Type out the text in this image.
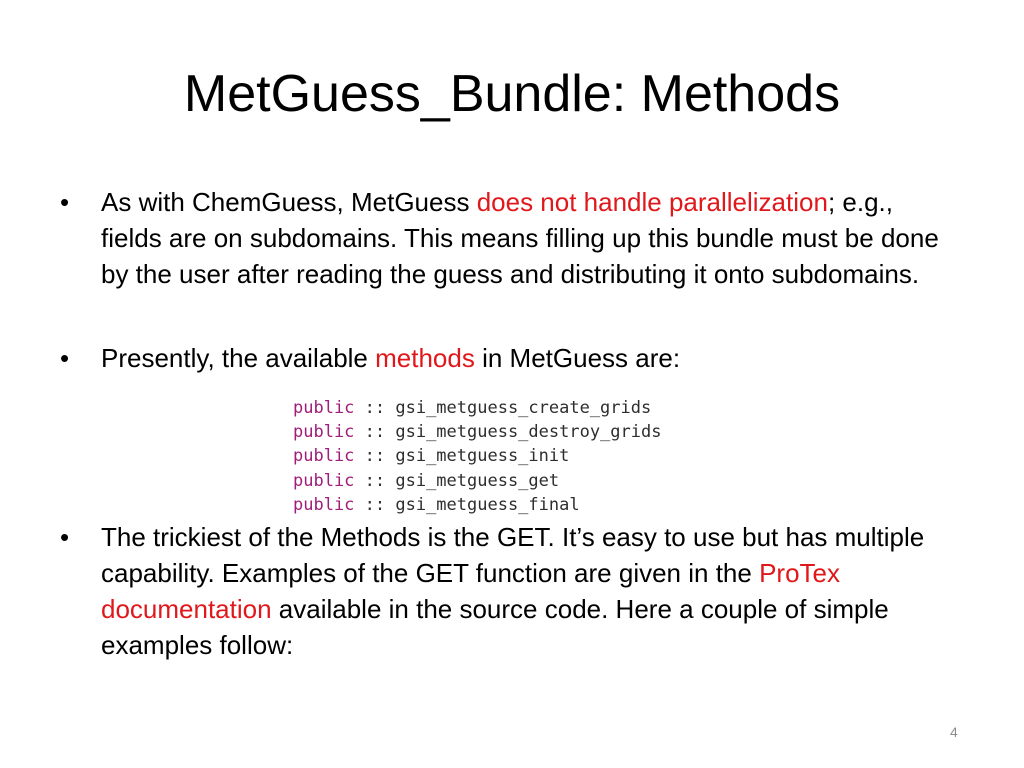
MetGuess_Bundle: Methods
•	As with ChemGuess, MetGuess does not handle parallelization; e.g., fields are on subdomains. This means filling up this bundle must be done by the user after reading the guess and distributing it onto subdomains.
•	Presently, the available methods in MetGuess are:
public :: gsi_metguess_create_grids
public :: gsi_metguess_destroy_grids
public :: gsi_metguess_init
public :: gsi_metguess_get
public :: gsi_metguess_final
•	The trickiest of the Methods is the GET. It’s easy to use but has multiple capability. Examples of the GET function are given in the ProTex documentation available in the source code. Here a couple of simple examples follow:
4
